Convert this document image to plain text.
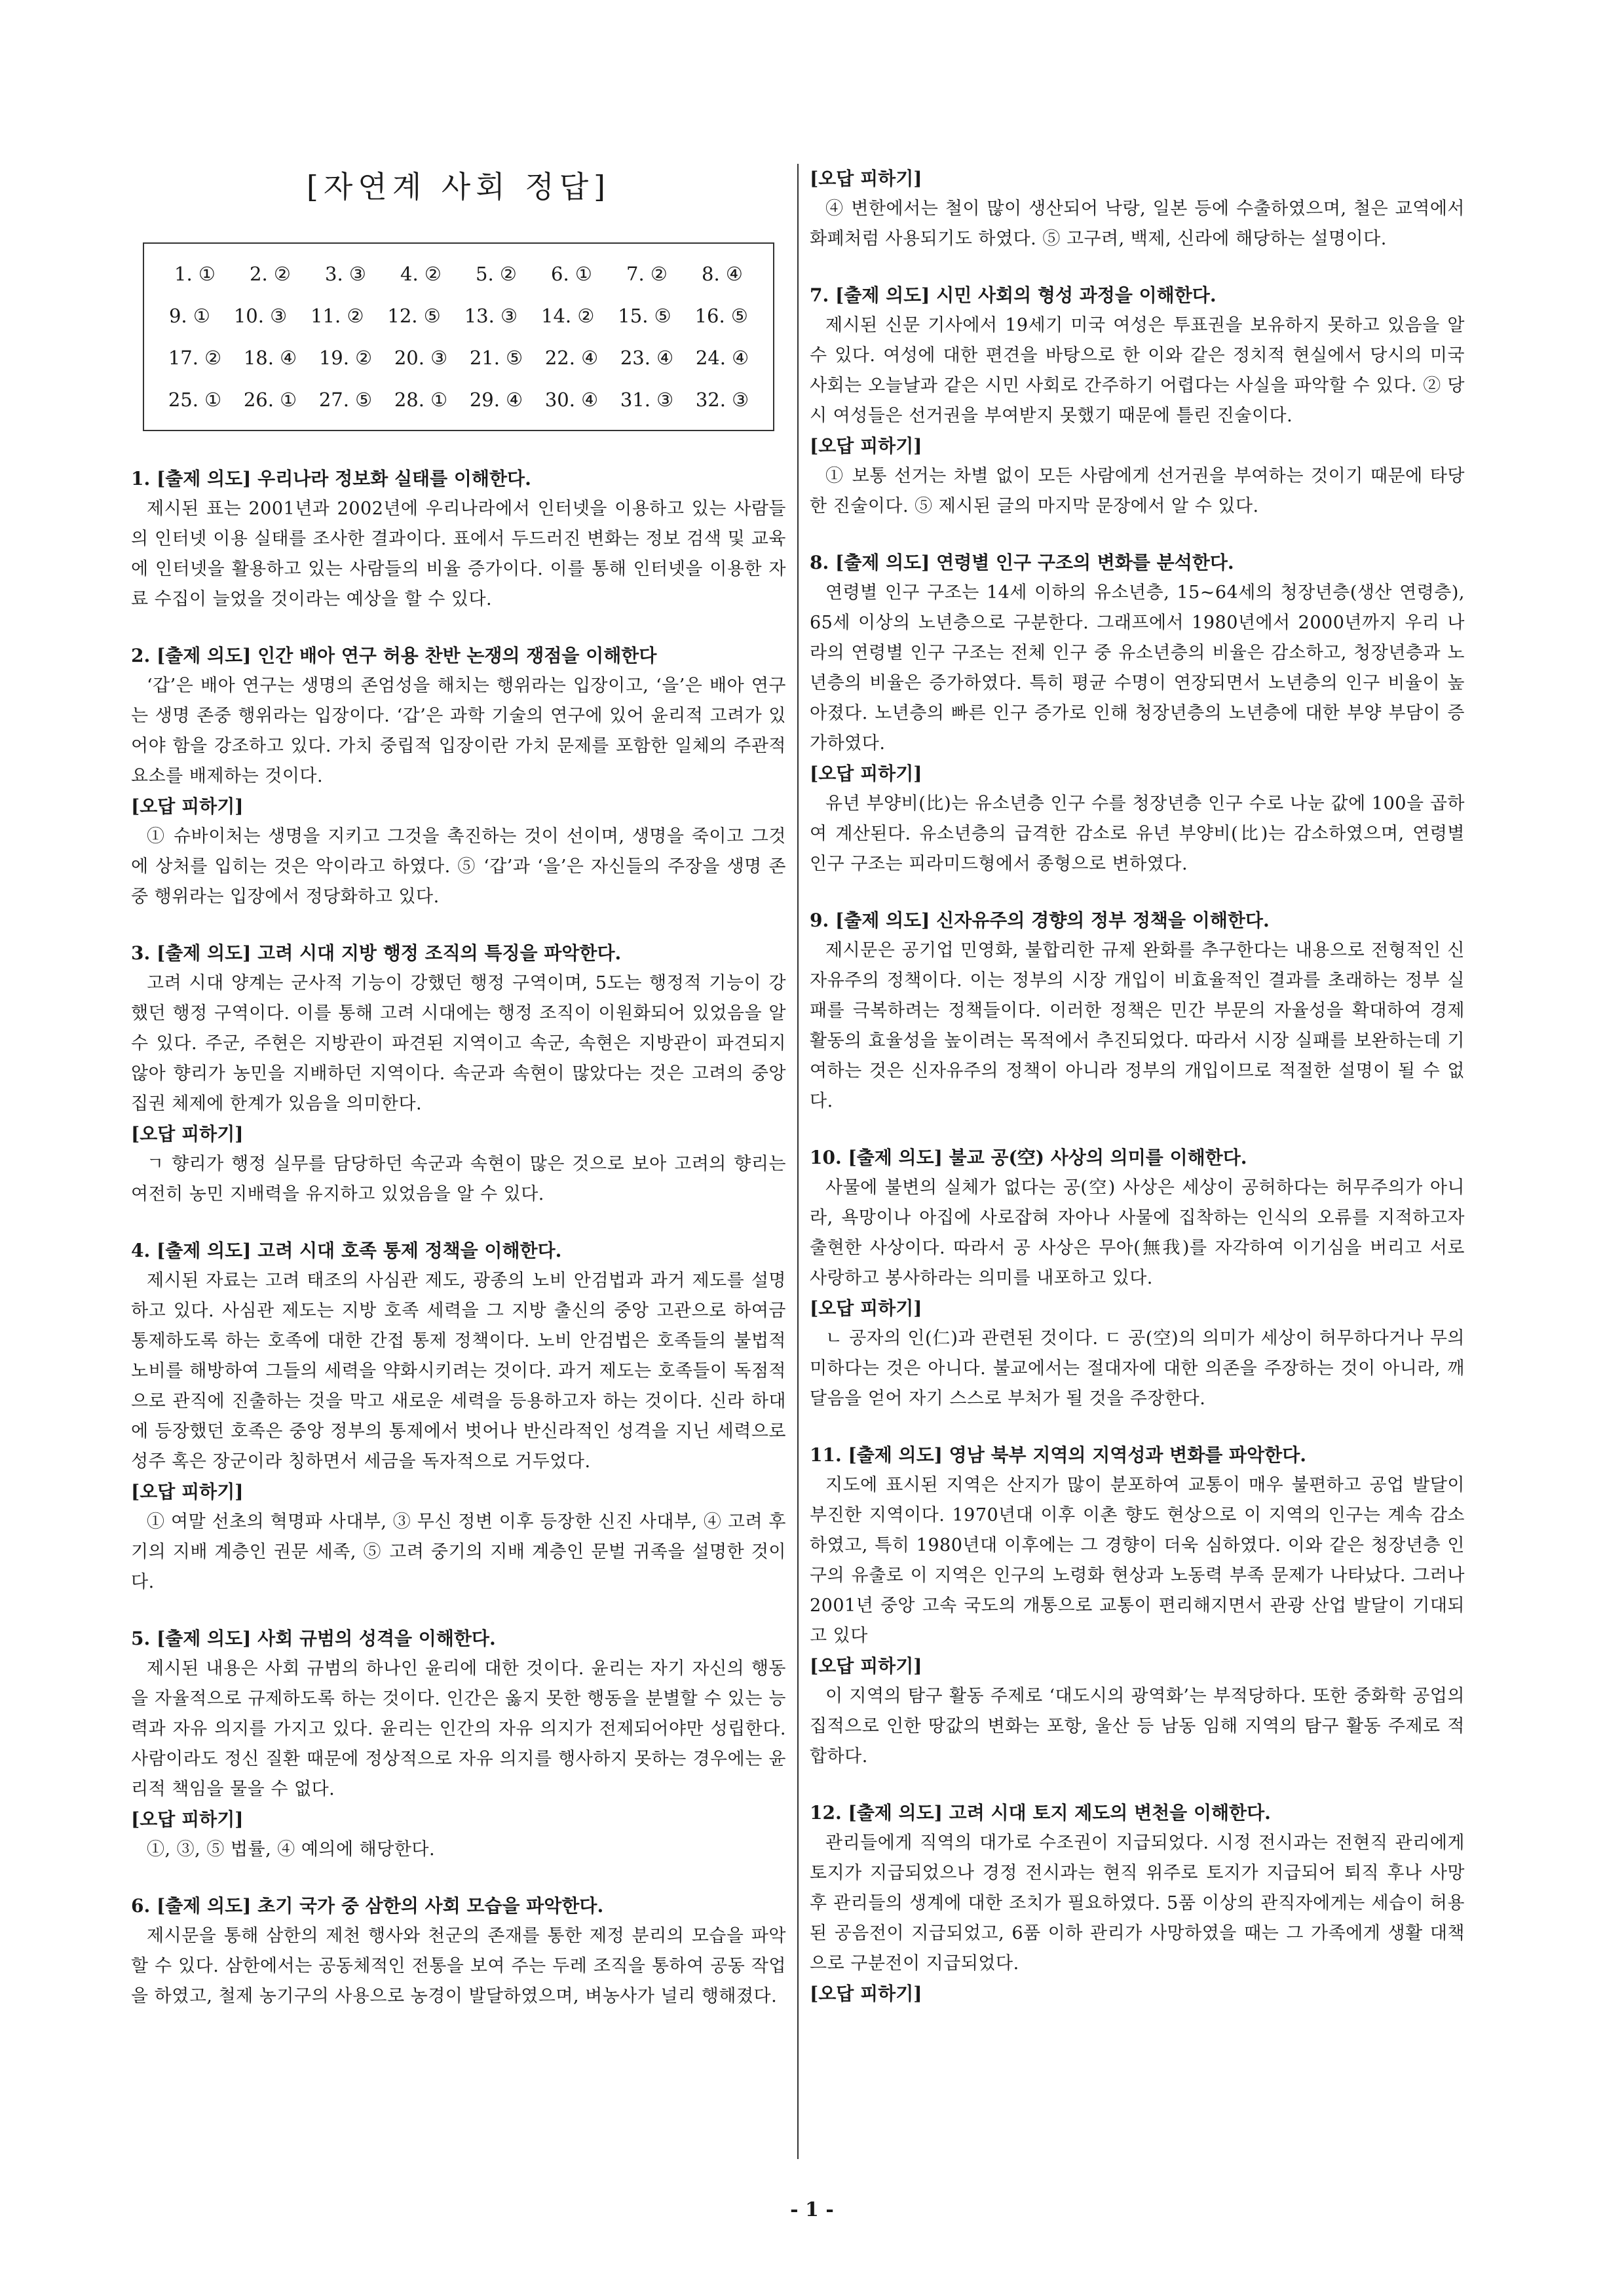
[자연계 사회 정답]
1. ① 2. ② 3. ③ 4. ② 5. ② 6. ① 7. ② 8. ④
9. ① 10. ③ 11. ② 12. ⑤ 13. ③ 14. ② 15. ⑤ 16. ⑤
17. ② 18. ④ 19. ② 20. ③ 21. ⑤ 22. ④ 23. ④ 24. ④
25. ① 26. ① 27. ⑤ 28. ① 29. ④ 30. ④ 31. ③ 32. ③
1. [출제 의도] 우리나라 정보화 실태를 이해한다.
제시된 표는 2001년과 2002년에 우리나라에서 인터넷을 이용하고 있는 사람들의 인터넷 이용 실태를 조사한 결과이다. 표에서 두드러진 변화는 정보 검색 및 교육에 인터넷을 활용하고 있는 사람들의 비율 증가이다. 이를 통해 인터넷을 이용한 자료 수집이 늘었을 것이라는 예상을 할 수 있다.
2. [출제 의도] 인간 배아 연구 허용 찬반 논쟁의 쟁점을 이해한다
‘갑’은 배아 연구는 생명의 존엄성을 해치는 행위라는 입장이고, ‘을’은 배아 연구는 생명 존중 행위라는 입장이다. ‘갑’은 과학 기술의 연구에 있어 윤리적 고려가 있어야 함을 강조하고 있다. 가치 중립적 입장이란 가치 문제를 포함한 일체의 주관적 요소를 배제하는 것이다.
[오답 피하기]
① 슈바이처는 생명을 지키고 그것을 촉진하는 것이 선이며, 생명을 죽이고 그것에 상처를 입히는 것은 악이라고 하였다. ⑤ ‘갑’과 ‘을’은 자신들의 주장을 생명 존중 행위라는 입장에서 정당화하고 있다.
3. [출제 의도] 고려 시대 지방 행정 조직의 특징을 파악한다.
고려 시대 양계는 군사적 기능이 강했던 행정 구역이며, 5도는 행정적 기능이 강했던 행정 구역이다. 이를 통해 고려 시대에는 행정 조직이 이원화되어 있었음을 알 수 있다. 주군, 주현은 지방관이 파견된 지역이고 속군, 속현은 지방관이 파견되지 않아 향리가 농민을 지배하던 지역이다. 속군과 속현이 많았다는 것은 고려의 중앙 집권 체제에 한계가 있음을 의미한다.
[오답 피하기]
ㄱ 향리가 행정 실무를 담당하던 속군과 속현이 많은 것으로 보아 고려의 향리는 여전히 농민 지배력을 유지하고 있었음을 알 수 있다.
4. [출제 의도] 고려 시대 호족 통제 정책을 이해한다.
제시된 자료는 고려 태조의 사심관 제도, 광종의 노비 안검법과 과거 제도를 설명하고 있다. 사심관 제도는 지방 호족 세력을 그 지방 출신의 중앙 고관으로 하여금 통제하도록 하는 호족에 대한 간접 통제 정책이다. 노비 안검법은 호족들의 불법적 노비를 해방하여 그들의 세력을 약화시키려는 것이다. 과거 제도는 호족들이 독점적으로 관직에 진출하는 것을 막고 새로운 세력을 등용하고자 하는 것이다. 신라 하대에 등장했던 호족은 중앙 정부의 통제에서 벗어나 반신라적인 성격을 지닌 세력으로 성주 혹은 장군이라 칭하면서 세금을 독자적으로 거두었다.
[오답 피하기]
① 여말 선초의 혁명파 사대부, ③ 무신 정변 이후 등장한 신진 사대부, ④ 고려 후기의 지배 계층인 권문 세족, ⑤ 고려 중기의 지배 계층인 문벌 귀족을 설명한 것이다.
5. [출제 의도] 사회 규범의 성격을 이해한다.
제시된 내용은 사회 규범의 하나인 윤리에 대한 것이다. 윤리는 자기 자신의 행동을 자율적으로 규제하도록 하는 것이다. 인간은 옳지 못한 행동을 분별할 수 있는 능력과 자유 의지를 가지고 있다. 윤리는 인간의 자유 의지가 전제되어야만 성립한다. 사람이라도 정신 질환 때문에 정상적으로 자유 의지를 행사하지 못하는 경우에는 윤리적 책임을 물을 수 없다.
[오답 피하기]
①, ③, ⑤ 법률, ④ 예의에 해당한다.
6. [출제 의도] 초기 국가 중 삼한의 사회 모습을 파악한다.
제시문을 통해 삼한의 제천 행사와 천군의 존재를 통한 제정 분리의 모습을 파악할 수 있다. 삼한에서는 공동체적인 전통을 보여 주는 두레 조직을 통하여 공동 작업을 하였고, 철제 농기구의 사용으로 농경이 발달하였으며, 벼농사가 널리 행해졌다.
[오답 피하기]
④ 변한에서는 철이 많이 생산되어 낙랑, 일본 등에 수출하였으며, 철은 교역에서 화폐처럼 사용되기도 하였다. ⑤ 고구려, 백제, 신라에 해당하는 설명이다.
7. [출제 의도] 시민 사회의 형성 과정을 이해한다.
제시된 신문 기사에서 19세기 미국 여성은 투표권을 보유하지 못하고 있음을 알 수 있다. 여성에 대한 편견을 바탕으로 한 이와 같은 정치적 현실에서 당시의 미국 사회는 오늘날과 같은 시민 사회로 간주하기 어렵다는 사실을 파악할 수 있다. ② 당시 여성들은 선거권을 부여받지 못했기 때문에 틀린 진술이다.
[오답 피하기]
① 보통 선거는 차별 없이 모든 사람에게 선거권을 부여하는 것이기 때문에 타당한 진술이다. ⑤ 제시된 글의 마지막 문장에서 알 수 있다.
8. [출제 의도] 연령별 인구 구조의 변화를 분석한다.
연령별 인구 구조는 14세 이하의 유소년층, 15~64세의 청장년층(생산 연령층), 65세 이상의 노년층으로 구분한다. 그래프에서 1980년에서 2000년까지 우리 나라의 연령별 인구 구조는 전체 인구 중 유소년층의 비율은 감소하고, 청장년층과 노년층의 비율은 증가하였다. 특히 평균 수명이 연장되면서 노년층의 인구 비율이 높아졌다. 노년층의 빠른 인구 증가로 인해 청장년층의 노년층에 대한 부양 부담이 증가하였다.
[오답 피하기]
유년 부양비(比)는 유소년층 인구 수를 청장년층 인구 수로 나눈 값에 100을 곱하여 계산된다. 유소년층의 급격한 감소로 유년 부양비(比)는 감소하였으며, 연령별 인구 구조는 피라미드형에서 종형으로 변하였다.
9. [출제 의도] 신자유주의 경향의 정부 정책을 이해한다.
제시문은 공기업 민영화, 불합리한 규제 완화를 추구한다는 내용으로 전형적인 신자유주의 정책이다. 이는 정부의 시장 개입이 비효율적인 결과를 초래하는 정부 실패를 극복하려는 정책들이다. 이러한 정책은 민간 부문의 자율성을 확대하여 경제 활동의 효율성을 높이려는 목적에서 추진되었다. 따라서 시장 실패를 보완하는데 기여하는 것은 신자유주의 정책이 아니라 정부의 개입이므로 적절한 설명이 될 수 없다.
10. [출제 의도] 불교 공(空) 사상의 의미를 이해한다.
사물에 불변의 실체가 없다는 공(空) 사상은 세상이 공허하다는 허무주의가 아니라, 욕망이나 아집에 사로잡혀 자아나 사물에 집착하는 인식의 오류를 지적하고자 출현한 사상이다. 따라서 공 사상은 무아(無我)를 자각하여 이기심을 버리고 서로 사랑하고 봉사하라는 의미를 내포하고 있다.
[오답 피하기]
ㄴ 공자의 인(仁)과 관련된 것이다. ㄷ 공(空)의 의미가 세상이 허무하다거나 무의미하다는 것은 아니다. 불교에서는 절대자에 대한 의존을 주장하는 것이 아니라, 깨달음을 얻어 자기 스스로 부처가 될 것을 주장한다.
11. [출제 의도] 영남 북부 지역의 지역성과 변화를 파악한다.
지도에 표시된 지역은 산지가 많이 분포하여 교통이 매우 불편하고 공업 발달이 부진한 지역이다. 1970년대 이후 이촌 향도 현상으로 이 지역의 인구는 계속 감소하였고, 특히 1980년대 이후에는 그 경향이 더욱 심하였다. 이와 같은 청장년층 인구의 유출로 이 지역은 인구의 노령화 현상과 노동력 부족 문제가 나타났다. 그러나 2001년 중앙 고속 국도의 개통으로 교통이 편리해지면서 관광 산업 발달이 기대되고 있다
[오답 피하기]
이 지역의 탐구 활동 주제로 ‘대도시의 광역화’는 부적당하다. 또한 중화학 공업의 집적으로 인한 땅값의 변화는 포항, 울산 등 남동 임해 지역의 탐구 활동 주제로 적합하다.
12. [출제 의도] 고려 시대 토지 제도의 변천을 이해한다.
관리들에게 직역의 대가로 수조권이 지급되었다. 시정 전시과는 전현직 관리에게 토지가 지급되었으나 경정 전시과는 현직 위주로 토지가 지급되어 퇴직 후나 사망 후 관리들의 생계에 대한 조치가 필요하였다. 5품 이상의 관직자에게는 세습이 허용된 공음전이 지급되었고, 6품 이하 관리가 사망하였을 때는 그 가족에게 생활 대책으로 구분전이 지급되었다.
[오답 피하기]
- 1 -
